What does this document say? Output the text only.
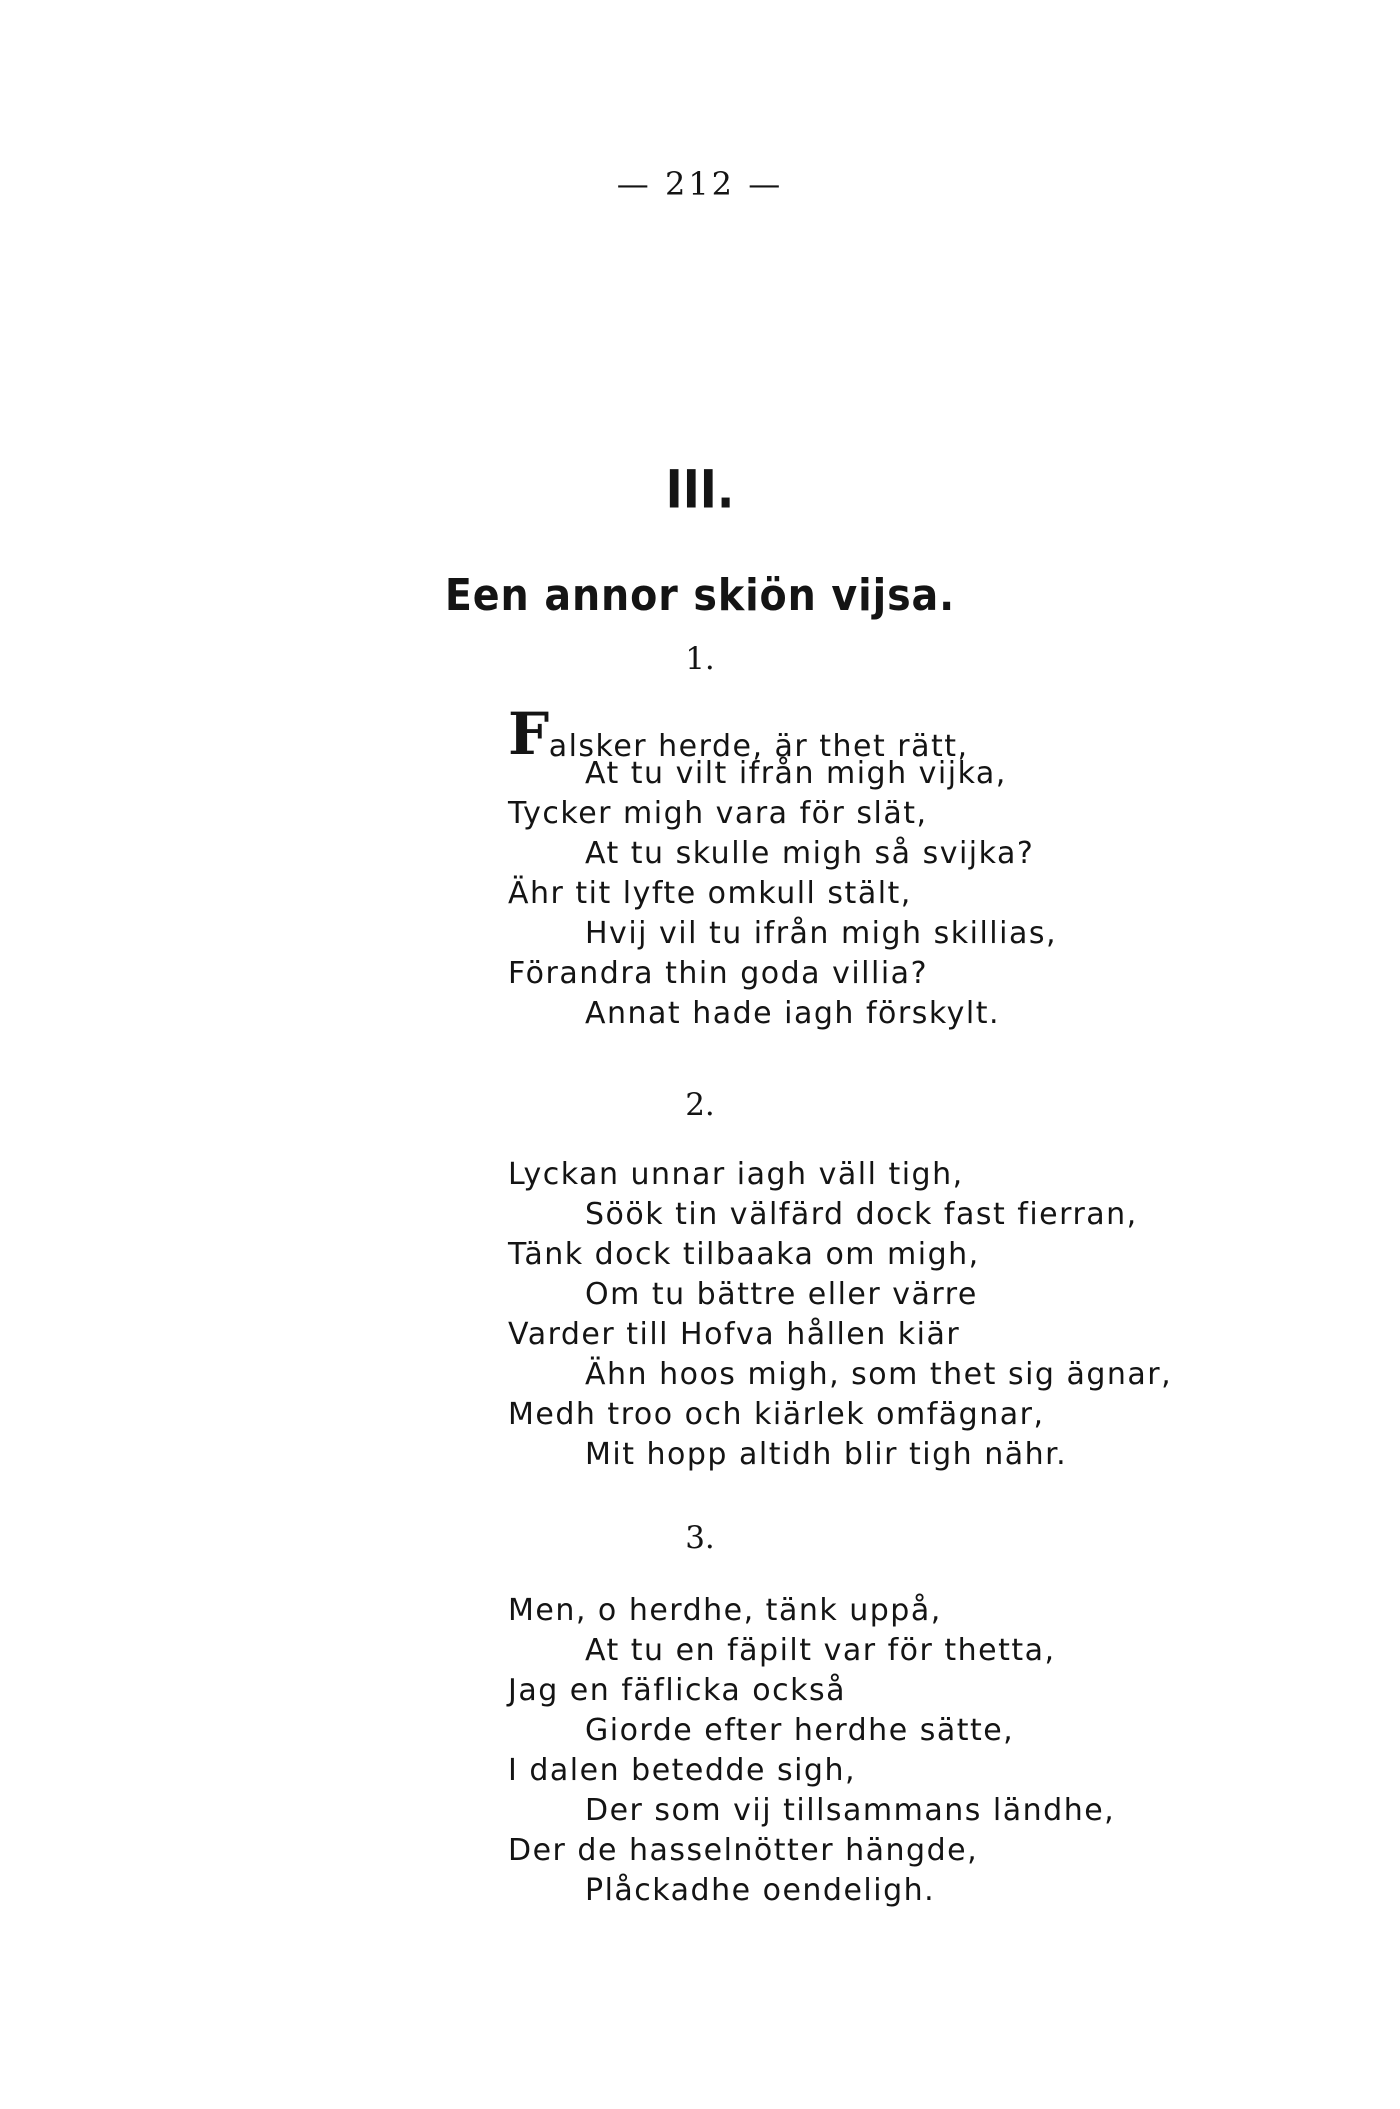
— 212 —
III.
Een annor skiön vijsa.
1.
Falsker herde, är thet rätt,
At tu vilt ifrån migh vijka,
Tycker migh vara för slät,
At tu skulle migh så svijka?
Ähr tit lyfte omkull stält,
Hvij vil tu ifrån migh skillias,
Förandra thin goda villia?
Annat hade iagh förskylt.
2.
Lyckan unnar iagh väll tigh,
Söök tin välfärd dock fast fierran,
Tänk dock tilbaaka om migh,
Om tu bättre eller värre
Varder till Hofva hållen kiär
Ähn hoos migh, som thet sig ägnar,
Medh troo och kiärlek omfägnar,
Mit hopp altidh blir tigh nähr.
3.
Men, o herdhe, tänk uppå,
At tu en fäpilt var för thetta,
Jag en fäflicka också
Giorde efter herdhe sätte,
I dalen betedde sigh,
Der som vij tillsammans ländhe,
Der de hasselnötter hängde,
Plåckadhe oendeligh.
